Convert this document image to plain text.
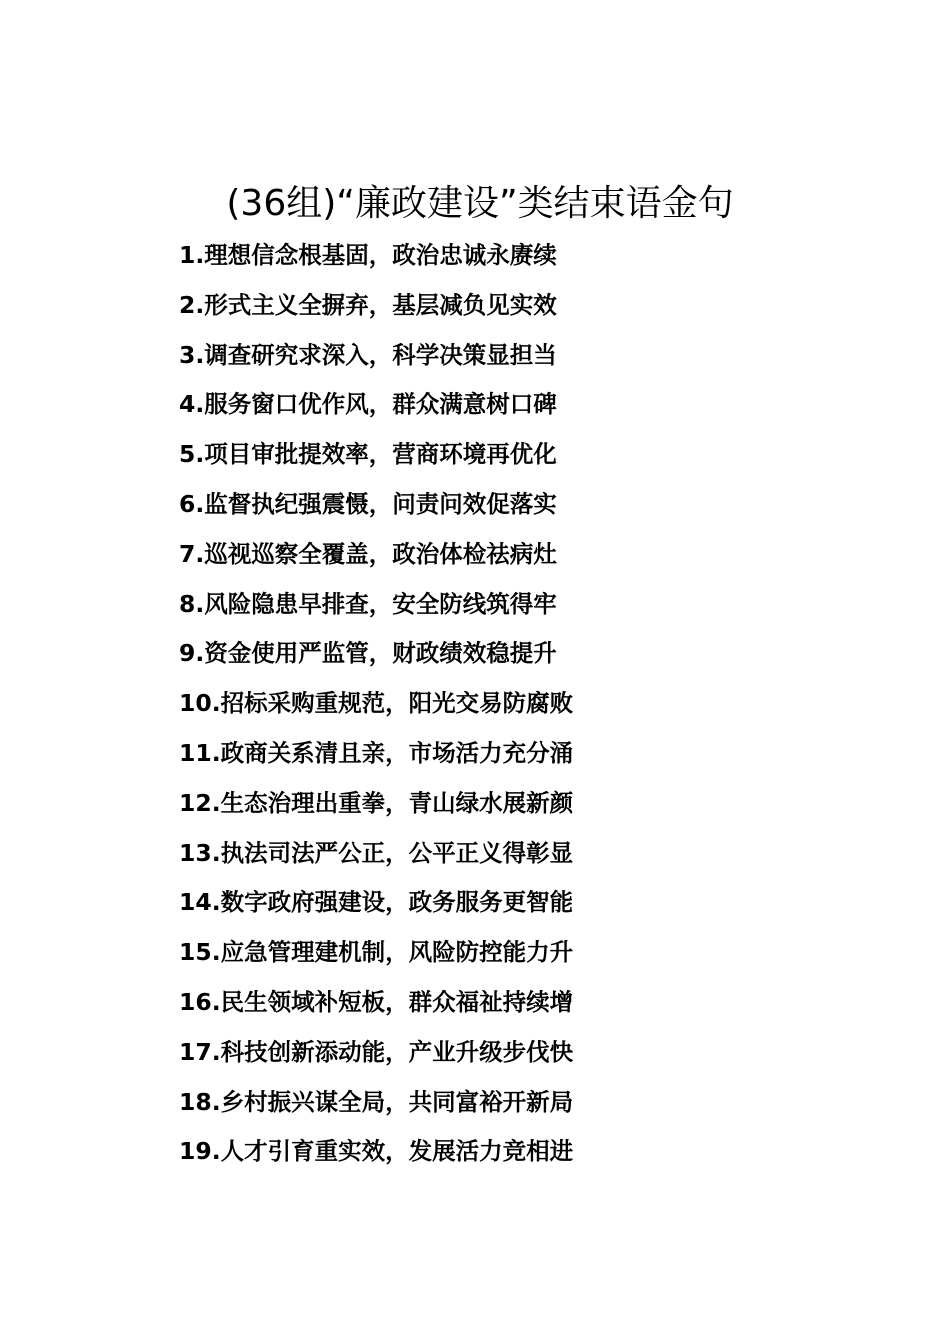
(36组)“廉政建设”类结束语金句
1.理想信念根基固，政治忠诚永赓续
2.形式主义全摒弃，基层减负见实效
3.调查研究求深入，科学决策显担当
4.服务窗口优作风，群众满意树口碑
5.项目审批提效率，营商环境再优化
6.监督执纪强震慑，问责问效促落实
7.巡视巡察全覆盖，政治体检祛病灶
8.风险隐患早排查，安全防线筑得牢
9.资金使用严监管，财政绩效稳提升
10.招标采购重规范，阳光交易防腐败
11.政商关系清且亲，市场活力充分涌
12.生态治理出重拳，青山绿水展新颜
13.执法司法严公正，公平正义得彰显
14.数字政府强建设，政务服务更智能
15.应急管理建机制，风险防控能力升
16.民生领域补短板，群众福祉持续增
17.科技创新添动能，产业升级步伐快
18.乡村振兴谋全局，共同富裕开新局
19.人才引育重实效，发展活力竞相进
